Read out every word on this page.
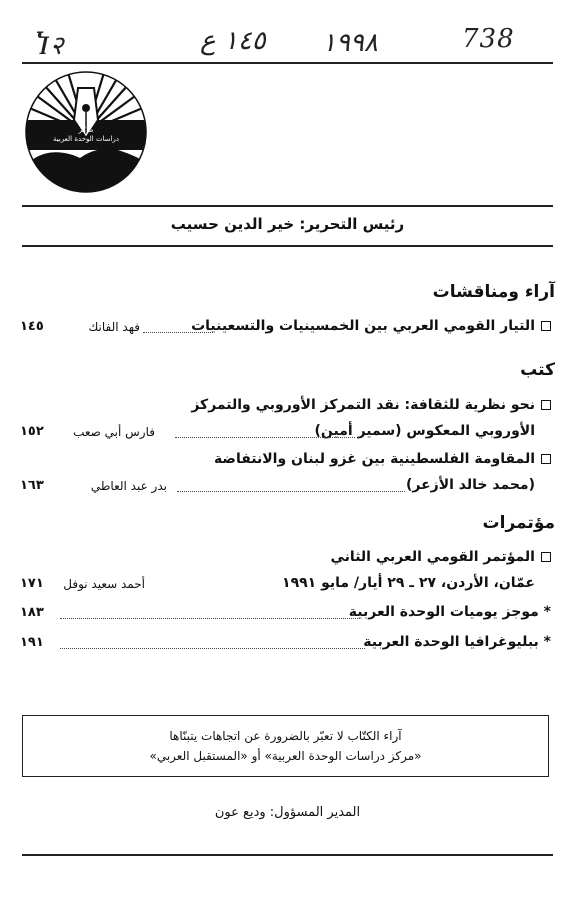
Ⴈ२	١٤٥ ع ١٩٩٨	738
مركز
دراسات الوحدة العربية
رئيس التحرير: خير الدين حسيب
آراء ومناقشات
التيار القومي العربي بين الخمسينيات والتسعينيات
فهد الفانك
١٤٥
كتب
نحو نظرية للثقافة: نقد التمركز الأوروبي والتمركز
الأوروبي المعكوس (سمير أمين)
فارس أبي صعب
١٥٢
المقاومة الفلسطينية بين غزو لبنان والانتفاضة
(محمد خالد الأزعر)
بدر عبد العاطي
١٦٣
مؤتمرات
المؤتمر القومي العربي الثاني
عمّان، الأردن، ٢٧ ـ ٢٩ أيار/ مايو ١٩٩١
أحمد سعيد نوفل
١٧١
* موجز يوميات الوحدة العربية
١٨٣
* ببليوغرافيا الوحدة العربية
١٩١
آراء الكتّاب لا تعبّر بالضرورة عن اتجاهات يتبنّاها
«مركز دراسات الوحدة العربية» أو «المستقبل العربي»
المدير المسؤول: وديع عون
